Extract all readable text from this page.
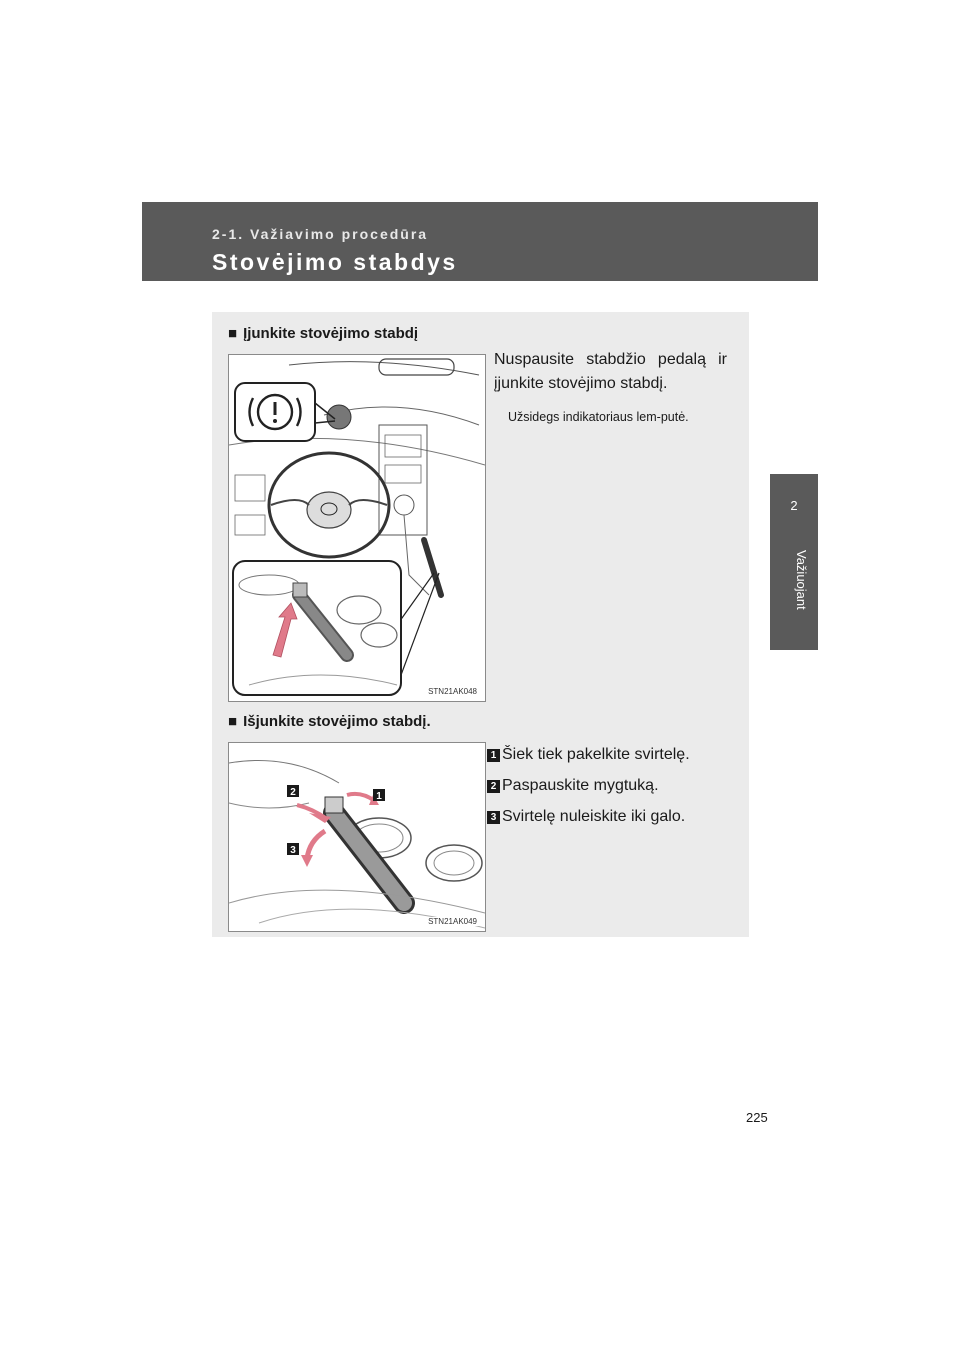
2-1. Važiavimo procedūra
Stovėjimo stabdys
2
Važiuojant
■ Įjunkite stovėjimo stabdį
STN21AK048
Nuspausite stabdžio pedalą ir įjunkite stovėjimo stabdį.
Užsidegs indikatoriaus lem-putė.
■ Išjunkite stovėjimo stabdį.
2	1
3
STN21AK049
1 Šiek tiek pakelkite svirtelę.
2 Paspauskite mygtuką.
3 Svirtelę nuleiskite iki galo.
225
